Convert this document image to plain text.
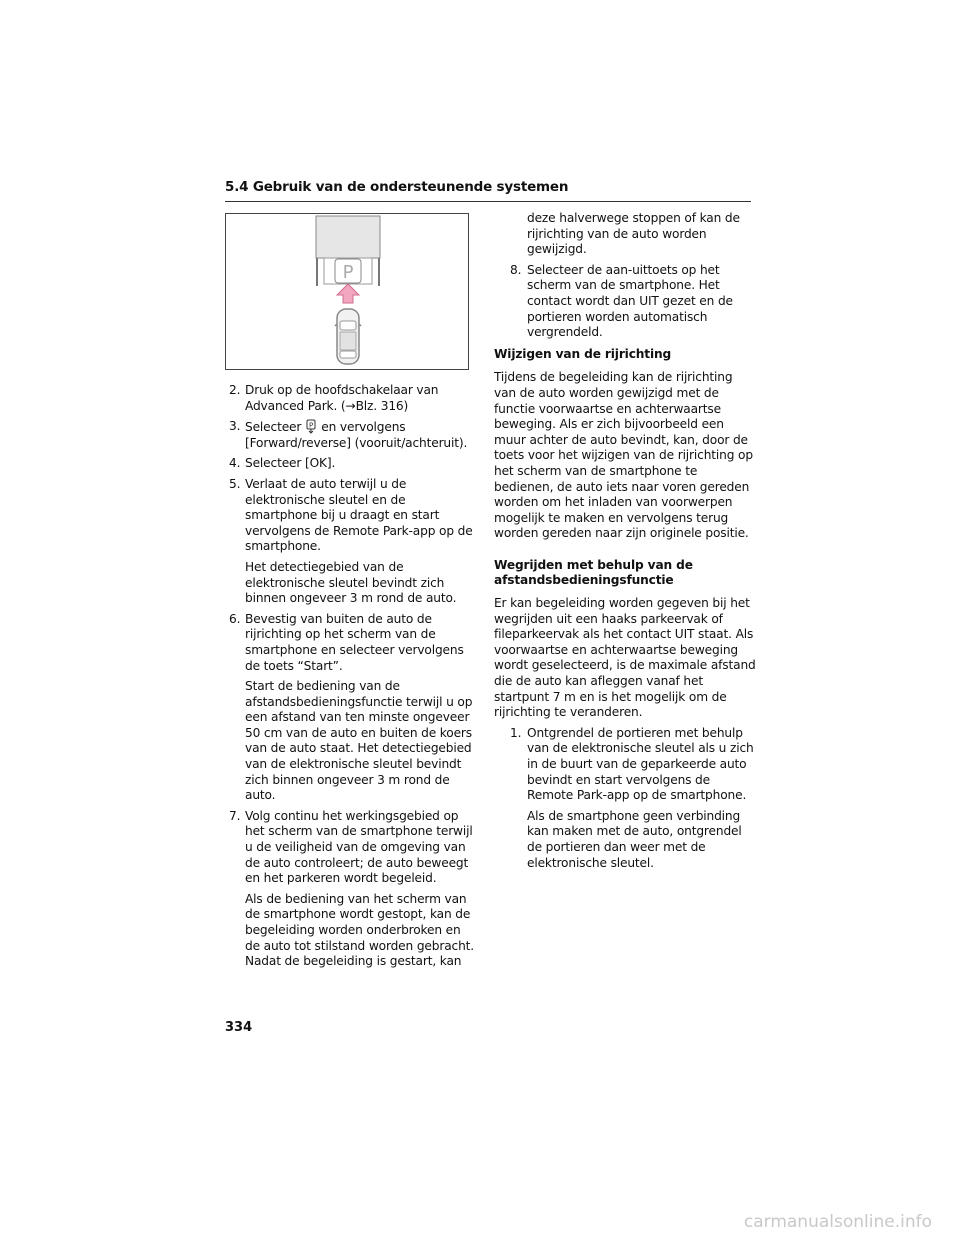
5.4 Gebruik van de ondersteunende systemen
P
2. Druk op de hoofdschakelaar van Advanced Park. (→Blz. 316)

3. Selecteer P en vervolgens [Forward/reverse] (vooruit/achteruit).

4. Selecteer [OK].

5. Verlaat de auto terwijl u de elektronische sleutel en de smartphone bij u draagt en start vervolgens de Remote Park-app op de smartphone.

Het detectiegebied van de elektronische sleutel bevindt zich binnen ongeveer 3 m rond de auto.

6. Bevestig van buiten de auto de rijrichting op het scherm van de smartphone en selecteer vervolgens de toets “Start”.

Start de bediening van de afstandsbedieningsfunctie terwijl u op een afstand van ten minste ongeveer 50 cm van de auto en buiten de koers van de auto staat. Het detectiegebied van de elektronische sleutel bevindt zich binnen ongeveer 3 m rond de auto.

7. Volg continu het werkingsgebied op het scherm van de smartphone terwijl u de veiligheid van de omgeving van de auto controleert; de auto beweegt en het parkeren wordt begeleid.

Als de bediening van het scherm van de smartphone wordt gestopt, kan de begeleiding worden onderbroken en de auto tot stilstand worden gebracht. Nadat de begeleiding is gestart, kan

deze halverwege stoppen of kan de rijrichting van de auto worden gewijzigd.

8. Selecteer de aan-uittoets op het scherm van de smartphone. Het contact wordt dan UIT gezet en de portieren worden automatisch vergrendeld.

Wijzigen van de rijrichting

Tijdens de begeleiding kan de rijrichting van de auto worden gewijzigd met de functie voorwaartse en achterwaartse beweging. Als er zich bijvoorbeeld een muur achter de auto bevindt, kan, door de toets voor het wijzigen van de rijrichting op het scherm van de smartphone te bedienen, de auto iets naar voren gereden worden om het inladen van voorwerpen mogelijk te maken en vervolgens terug worden gereden naar zijn originele positie.

Wegrijden met behulp van de afstandsbedieningsfunctie

Er kan begeleiding worden gegeven bij het wegrijden uit een haaks parkeervak of fileparkeervak als het contact UIT staat. Als voorwaartse en achterwaartse beweging wordt geselecteerd, is de maximale afstand die de auto kan afleggen vanaf het startpunt 7 m en is het mogelijk om de rijrichting te veranderen.

1. Ontgrendel de portieren met behulp van de elektronische sleutel als u zich in de buurt van de geparkeerde auto bevindt en start vervolgens de Remote Park-app op de smartphone.

Als de smartphone geen verbinding kan maken met de auto, ontgrendel de portieren dan weer met de elektronische sleutel.

334
carmanualsonline.info
